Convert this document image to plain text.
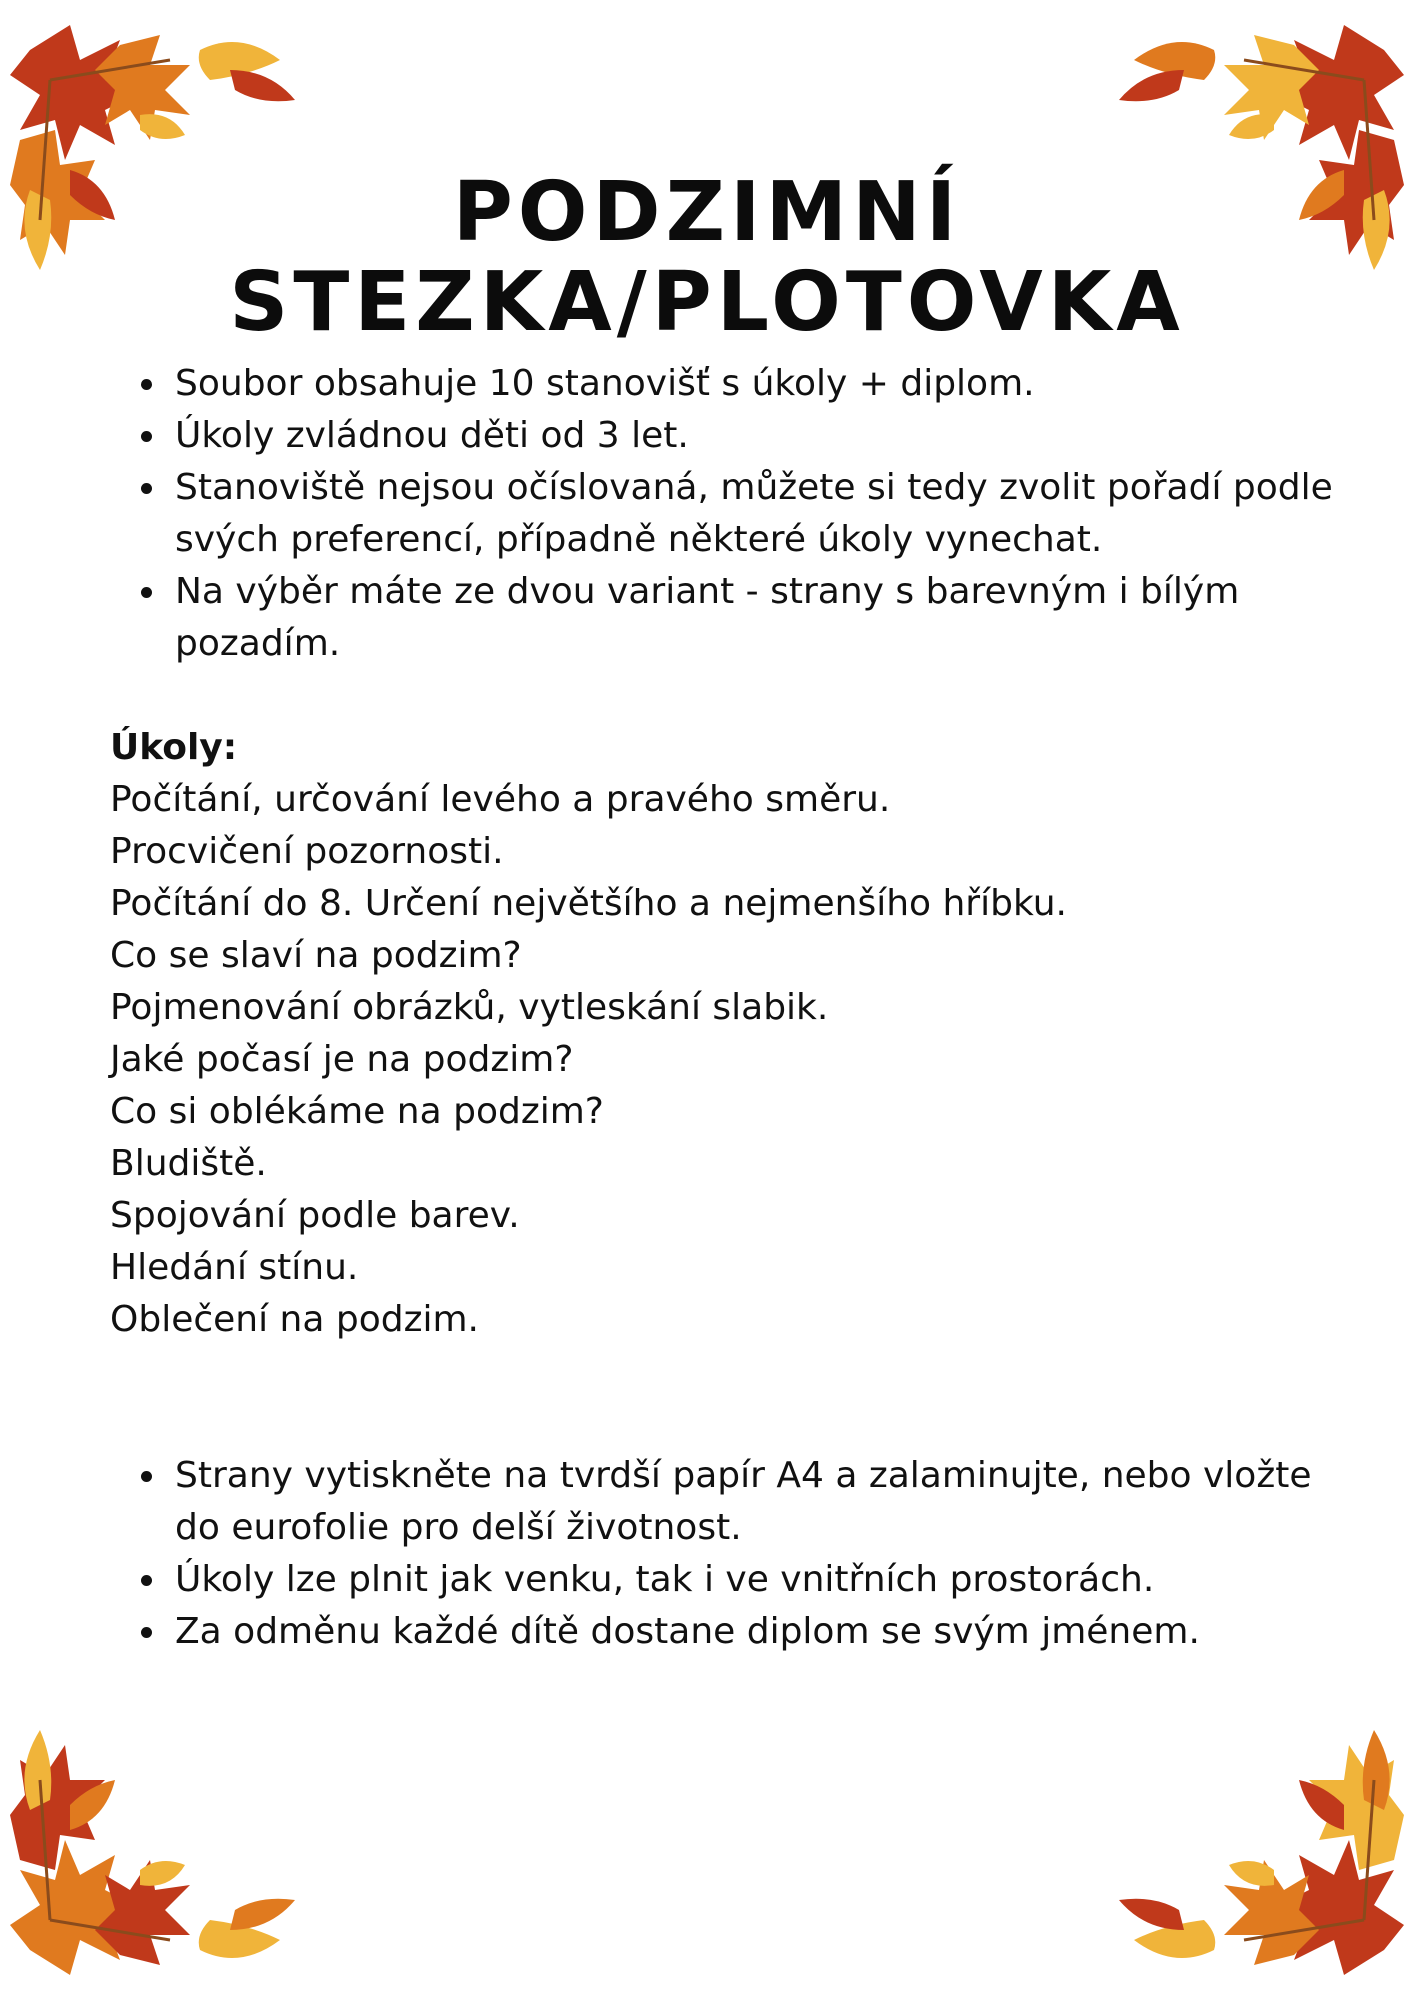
PODZIMNÍ STEZKA/PLOTOVKA
Soubor obsahuje 10 stanovišť s úkoly + diplom.
Úkoly zvládnou děti od 3 let.
Stanoviště nejsou očíslovaná, můžete si tedy zvolit pořadí podle svých preferencí, případně některé úkoly vynechat.
Na výběr máte ze dvou variant - strany s barevným i bílým pozadím.

Úkoly:

Počítání, určování levého a pravého směru.
Procvičení pozornosti.
Počítání do 8. Určení největšího a nejmenšího hříbku.
Co se slaví na podzim?
Pojmenování obrázků, vytleskání slabik.
Jaké počasí je na podzim?
Co si oblékáme na podzim?
Bludiště.
Spojování podle barev.
Hledání stínu.
Oblečení na podzim.
Strany vytiskněte na tvrdší papír A4 a zalaminujte, nebo vložte do eurofolie pro delší životnost.
Úkoly lze plnit jak venku, tak i ve vnitřních prostorách.
Za odměnu každé dítě dostane diplom se svým jménem.
